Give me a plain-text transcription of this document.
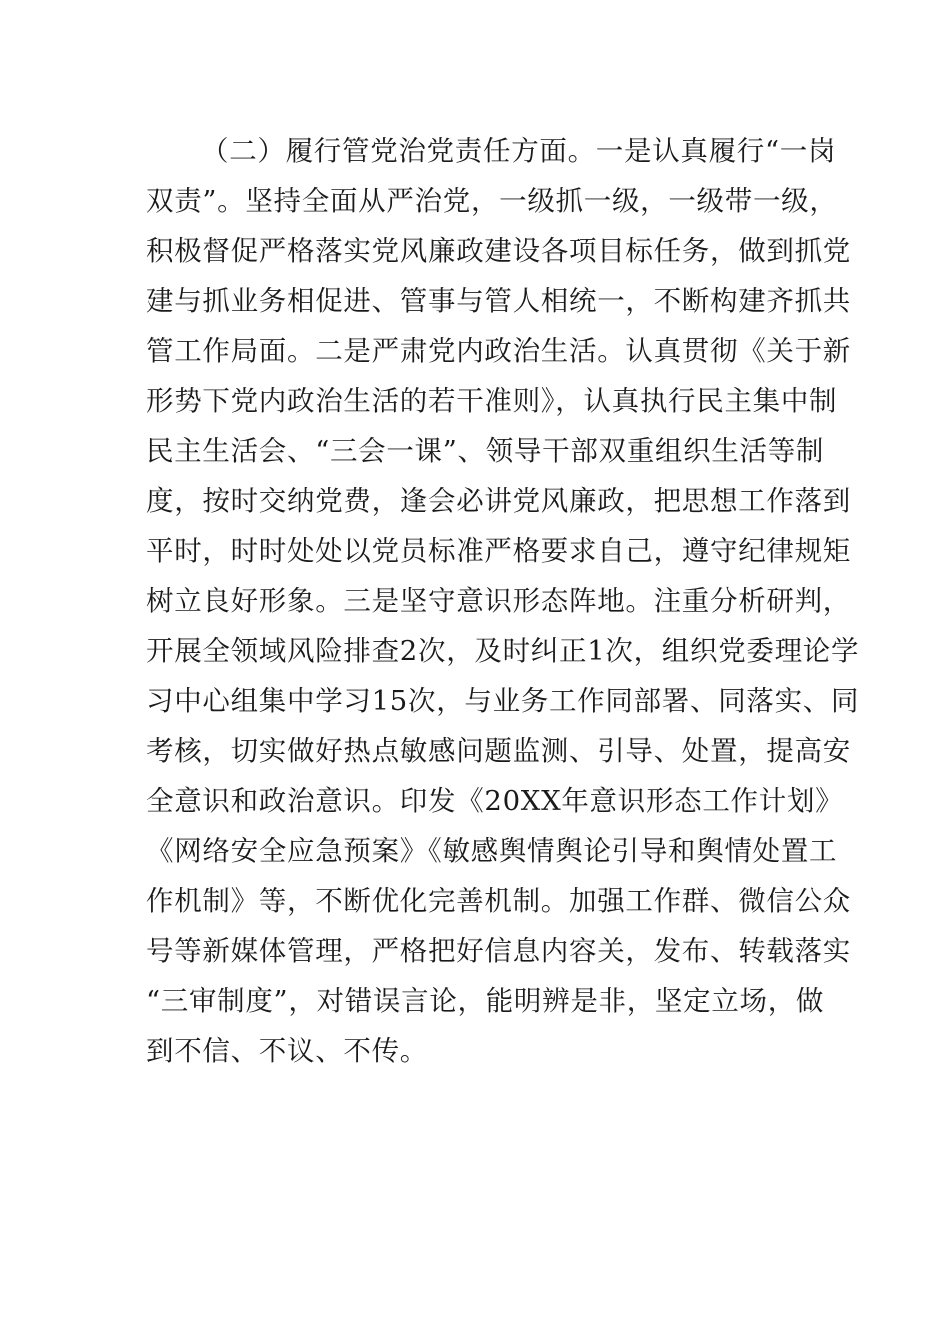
（二）履行管党治党责任方面。一是认真履行“一岗
双责”。坚持全面从严治党，一级抓一级，一级带一级，
积极督促严格落实党风廉政建设各项目标任务，做到抓党
建与抓业务相促进、管事与管人相统一，不断构建齐抓共
管工作局面。二是严肃党内政治生活。认真贯彻《关于新
形势下党内政治生活的若干准则》，认真执行民主集中制
民主生活会、“三会一课”、领导干部双重组织生活等制
度，按时交纳党费，逢会必讲党风廉政，把思想工作落到
平时，时时处处以党员标准严格要求自己，遵守纪律规矩
树立良好形象。三是坚守意识形态阵地。注重分析研判，
开展全领域风险排查2次，及时纠正1次，组织党委理论学
习中心组集中学习15次，与业务工作同部署、同落实、同
考核，切实做好热点敏感问题监测、引导、处置，提高安
全意识和政治意识。印发《20XX年意识形态工作计划》
《网络安全应急预案》《敏感舆情舆论引导和舆情处置工
作机制》等，不断优化完善机制。加强工作群、微信公众
号等新媒体管理，严格把好信息内容关，发布、转载落实
“三审制度”，对错误言论，能明辨是非，坚定立场，做
到不信、不议、不传。
